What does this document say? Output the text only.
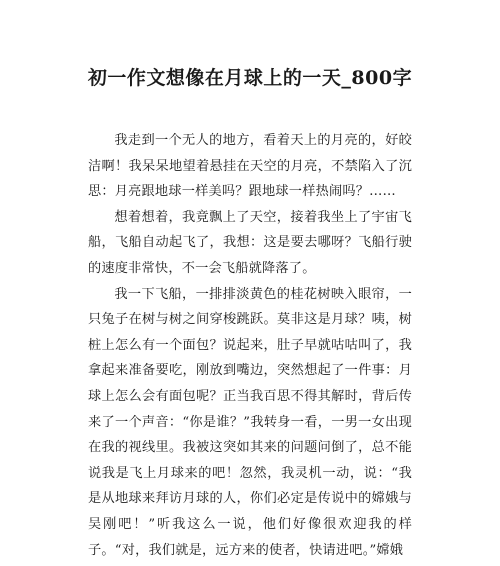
初一作文想像在月球上的一天_800字

我走到一个无人的地方，看着天上的月亮的，好皎洁啊！我呆呆地望着悬挂在天空的月亮，不禁陷入了沉思：月亮跟地球一样美吗？跟地球一样热闹吗？……

想着想着，我竟飘上了天空，接着我坐上了宇宙飞船，飞船自动起飞了，我想：这是要去哪呀？飞船行驶的速度非常快，不一会飞船就降落了。

我一下飞船，一排排淡黄色的桂花树映入眼帘，一只兔子在树与树之间穿梭跳跃。莫非这是月球？咦，树桩上怎么有一个面包？说起来，肚子早就咕咕叫了，我拿起来准备要吃，刚放到嘴边，突然想起了一件事：月球上怎么会有面包呢？正当我百思不得其解时，背后传来了一个声音：“你是谁？”我转身一看，一男一女出现在我的视线里。我被这突如其来的问题问倒了，总不能说我是飞上月球来的吧！忽然，我灵机一动，说：“我是从地球来拜访月球的人，你们必定是传说中的嫦娥与吴刚吧！”听我这么一说，他们好像很欢迎我的样子。“对，我们就是，远方来的使者，快请进吧。”嫦娥
